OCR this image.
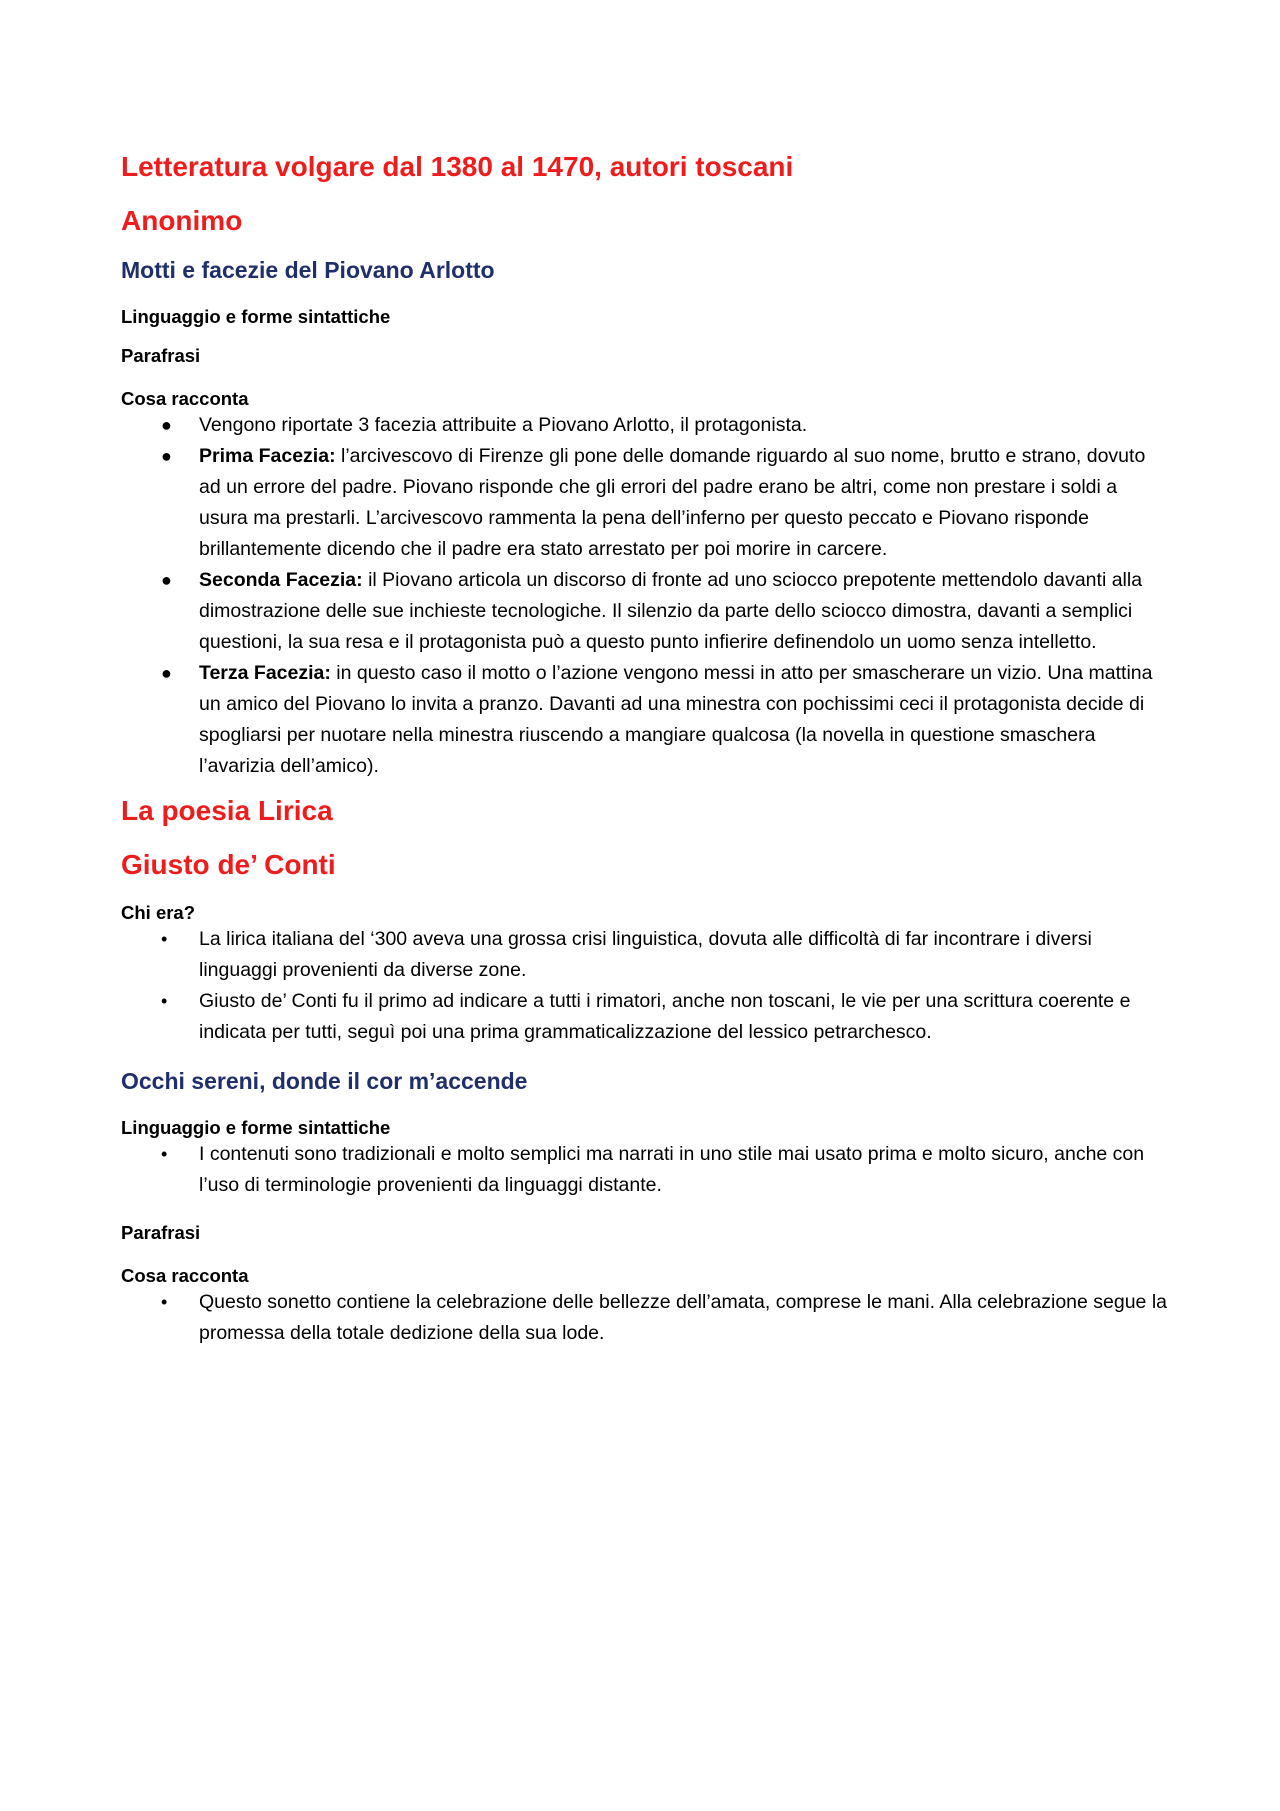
Letteratura volgare dal 1380 al 1470, autori toscani
Anonimo
Motti e facezie del Piovano Arlotto
Linguaggio e forme sintattiche
Parafrasi
Cosa racconta
● Vengono riportate 3 facezia attribuite a Piovano Arlotto, il protagonista.
● Prima Facezia: l’arcivescovo di Firenze gli pone delle domande riguardo al suo nome, brutto e strano, dovuto ad un errore del padre. Piovano risponde che gli errori del padre erano be altri, come non prestare i soldi a usura ma prestarli. L’arcivescovo rammenta la pena dell’inferno per questo peccato e Piovano risponde brillantemente dicendo che il padre era stato arrestato per poi morire in carcere.
● Seconda Facezia: il Piovano articola un discorso di fronte ad uno sciocco prepotente mettendolo davanti alla dimostrazione delle sue inchieste tecnologiche. Il silenzio da parte dello sciocco dimostra, davanti a semplici questioni, la sua resa e il protagonista può a questo punto infierire definendolo un uomo senza intelletto.
● Terza Facezia: in questo caso il motto o l’azione vengono messi in atto per smascherare un vizio. Una mattina un amico del Piovano lo invita a pranzo. Davanti ad una minestra con pochissimi ceci il protagonista decide di spogliarsi per nuotare nella minestra riuscendo a mangiare qualcosa (la novella in questione smaschera l’avarizia dell’amico).
La poesia Lirica
Giusto de’ Conti
Chi era?
• La lirica italiana del ‘300 aveva una grossa crisi linguistica, dovuta alle difficoltà di far incontrare i diversi linguaggi provenienti da diverse zone.
• Giusto de’ Conti fu il primo ad indicare a tutti i rimatori, anche non toscani, le vie per una scrittura coerente e indicata per tutti, seguì poi una prima grammaticalizzazione del lessico petrarchesco.
Occhi sereni, donde il cor m’accende
Linguaggio e forme sintattiche
• I contenuti sono tradizionali e molto semplici ma narrati in uno stile mai usato prima e molto sicuro, anche con l’uso di terminologie provenienti da linguaggi distante.
Parafrasi
Cosa racconta
• Questo sonetto contiene la celebrazione delle bellezze dell’amata, comprese le mani. Alla celebrazione segue la promessa della totale dedizione della sua lode.
